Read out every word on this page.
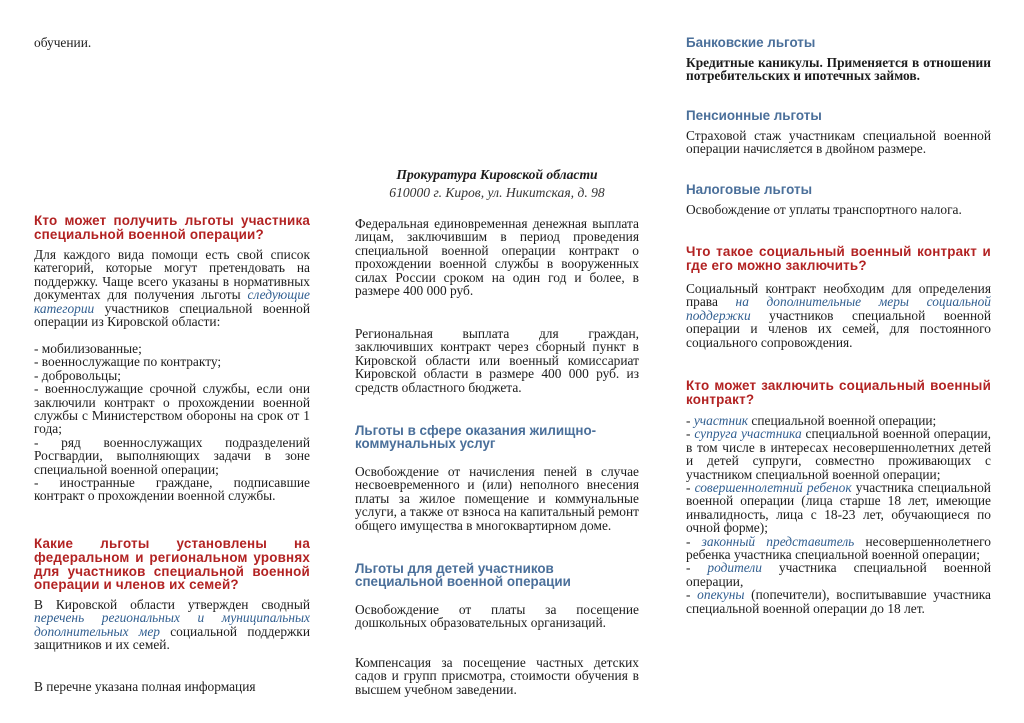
обучении.

Кто может получить льготы участника специальной военной операции?

Для каждого вида помощи есть свой список категорий, которые могут претендовать на поддержку. Чаще всего указаны в нормативных документах для получения льготы следующие категории участников специальной военной операции из Кировской области:

- мобилизованные;
- военнослужащие по контракту;
- добровольцы;
- военнослужащие срочной службы, если они заключили контракт о прохождении военной службы с Министерством обороны на срок от 1 года;
- ряд военнослужащих подразделений Росгвардии, выполняющих задачи в зоне специальной военной операции;
- иностранные граждане, подписавшие контракт о прохождении военной службы.
Какие льготы установлены на федеральном и региональном уровнях для участников специальной военной операции и членов их семей?

В Кировской области утвержден сводный перечень региональных и муниципальных дополнительных мер социальной поддержки защитников и их семей.

В перечне указана полная информация

Прокуратура Кировской области
610000 г. Киров, ул. Никитская, д. 98

Федеральная единовременная денежная выплата лицам, заключившим в период проведения специальной военной операции контракт о прохождении военной службы в вооруженных силах России сроком на один год и более, в размере 400 000 руб.

Региональная выплата для граждан, заключивших контракт через сборный пункт в Кировской области или военный комиссариат Кировской области в размере 400 000 руб. из средств областного бюджета.

Льготы в сфере оказания жилищно-коммунальных услуг

Освобождение от начисления пеней в случае несвоевременного и (или) неполного внесения платы за жилое помещение и коммунальные услуги, а также от взноса на капитальный ремонт общего имущества в многоквартирном доме.

Льготы для детей участников специальной военной операции

Освобождение от платы за посещение дошкольных образовательных организаций.

Компенсация за посещение частных детских садов и групп присмотра, стоимости обучения в высшем учебном заведении.

Банковские льготы

Кредитные каникулы. Применяется в отношении потребительских и ипотечных займов.

Пенсионные льготы

Страховой стаж участникам специальной военной операции начисляется в двойном размере.

Налоговые льготы

Освобождение от уплаты транспортного налога.

Что такое социальный военный контракт и где его можно заключить?

Социальный контракт необходим для определения права на дополнительные меры социальной поддержки участников специальной военной операции и членов их семей, для постоянного социального сопровождения.

Кто может заключить социальный военный контракт?
- участник специальной военной операции;
- супруга участника специальной военной операции, в том числе в интересах несовершеннолетних детей и детей супруги, совместно проживающих с участником специальной военной операции;
- совершеннолетний ребенок участника специальной военной операции (лица старше 18 лет, имеющие инвалидность, лица с 18-23 лет, обучающиеся по очной форме);
- законный представитель несовершеннолетнего ребенка участника специальной военной операции;
- родители участника специальной военной операции,
- опекуны (попечители), воспитывавшие участника специальной военной операции до 18 лет.
